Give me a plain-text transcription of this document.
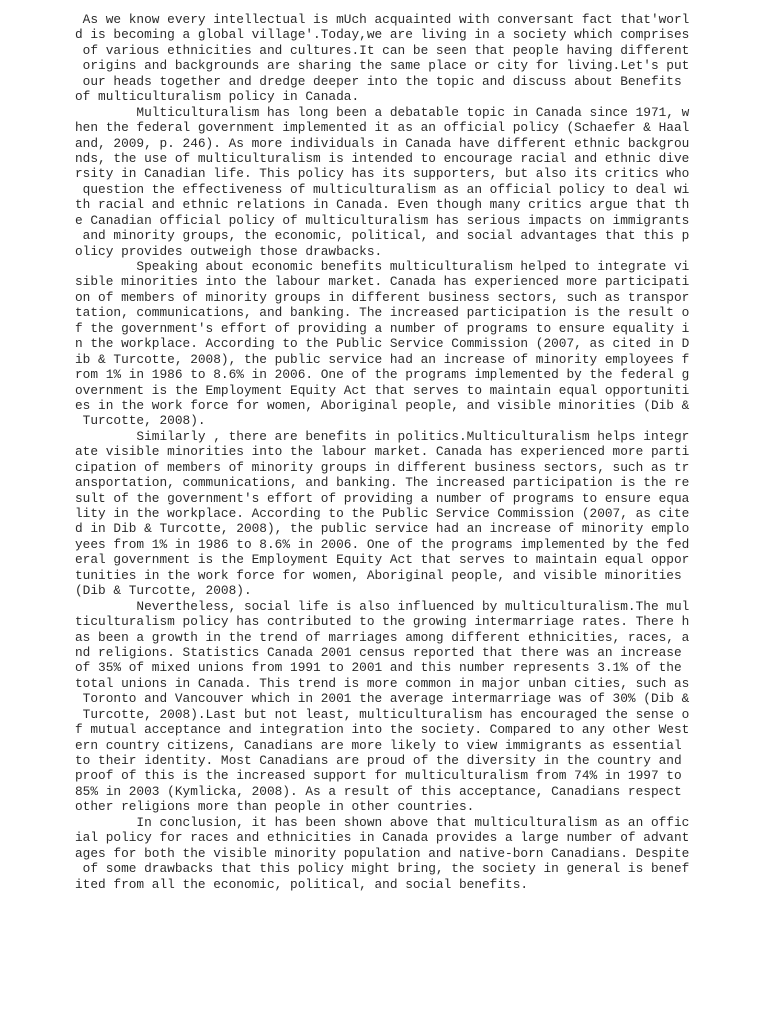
As we know every intellectual is mUch acquainted with conversant fact that'worl
d is becoming a global village'.Today,we are living in a society which comprises
of various ethnicities and cultures.It can be seen that people having different
origins and backgrounds are sharing the same place or city for living.Let's put
our heads together and dredge deeper into the topic and discuss about Benefits
of multiculturalism policy in Canada.
Multiculturalism has long been a debatable topic in Canada since 1971, w
hen the federal government implemented it as an official policy (Schaefer & Haal
and, 2009, p. 246). As more individuals in Canada have different ethnic backgrou
nds, the use of multiculturalism is intended to encourage racial and ethnic dive
rsity in Canadian life. This policy has its supporters, but also its critics who
question the effectiveness of multiculturalism as an official policy to deal wi
th racial and ethnic relations in Canada. Even though many critics argue that th
e Canadian official policy of multiculturalism has serious impacts on immigrants
and minority groups, the economic, political, and social advantages that this p
olicy provides outweigh those drawbacks.
Speaking about economic benefits multiculturalism helped to integrate vi
sible minorities into the labour market. Canada has experienced more participati
on of members of minority groups in different business sectors, such as transpor
tation, communications, and banking. The increased participation is the result o
f the government's effort of providing a number of programs to ensure equality i
n the workplace. According to the Public Service Commission (2007, as cited in D
ib & Turcotte, 2008), the public service had an increase of minority employees f
rom 1% in 1986 to 8.6% in 2006. One of the programs implemented by the federal g
overnment is the Employment Equity Act that serves to maintain equal opportuniti
es in the work force for women, Aboriginal people, and visible minorities (Dib &
Turcotte, 2008).
Similarly , there are benefits in politics.Multiculturalism helps integr
ate visible minorities into the labour market. Canada has experienced more parti
cipation of members of minority groups in different business sectors, such as tr
ansportation, communications, and banking. The increased participation is the re
sult of the government's effort of providing a number of programs to ensure equa
lity in the workplace. According to the Public Service Commission (2007, as cite
d in Dib & Turcotte, 2008), the public service had an increase of minority emplo
yees from 1% in 1986 to 8.6% in 2006. One of the programs implemented by the fed
eral government is the Employment Equity Act that serves to maintain equal oppor
tunities in the work force for women, Aboriginal people, and visible minorities
(Dib & Turcotte, 2008).
Nevertheless, social life is also influenced by multiculturalism.The mul
ticulturalism policy has contributed to the growing intermarriage rates. There h
as been a growth in the trend of marriages among different ethnicities, races, a
nd religions. Statistics Canada 2001 census reported that there was an increase
of 35% of mixed unions from 1991 to 2001 and this number represents 3.1% of the
total unions in Canada. This trend is more common in major unban cities, such as
Toronto and Vancouver which in 2001 the average intermarriage was of 30% (Dib &
Turcotte, 2008).Last but not least, multiculturalism has encouraged the sense o
f mutual acceptance and integration into the society. Compared to any other West
ern country citizens, Canadians are more likely to view immigrants as essential
to their identity. Most Canadians are proud of the diversity in the country and
proof of this is the increased support for multiculturalism from 74% in 1997 to
85% in 2003 (Kymlicka, 2008). As a result of this acceptance, Canadians respect
other religions more than people in other countries.
In conclusion, it has been shown above that multiculturalism as an offic
ial policy for races and ethnicities in Canada provides a large number of advant
ages for both the visible minority population and native-born Canadians. Despite
of some drawbacks that this policy might bring, the society in general is benef
ited from all the economic, political, and social benefits.
